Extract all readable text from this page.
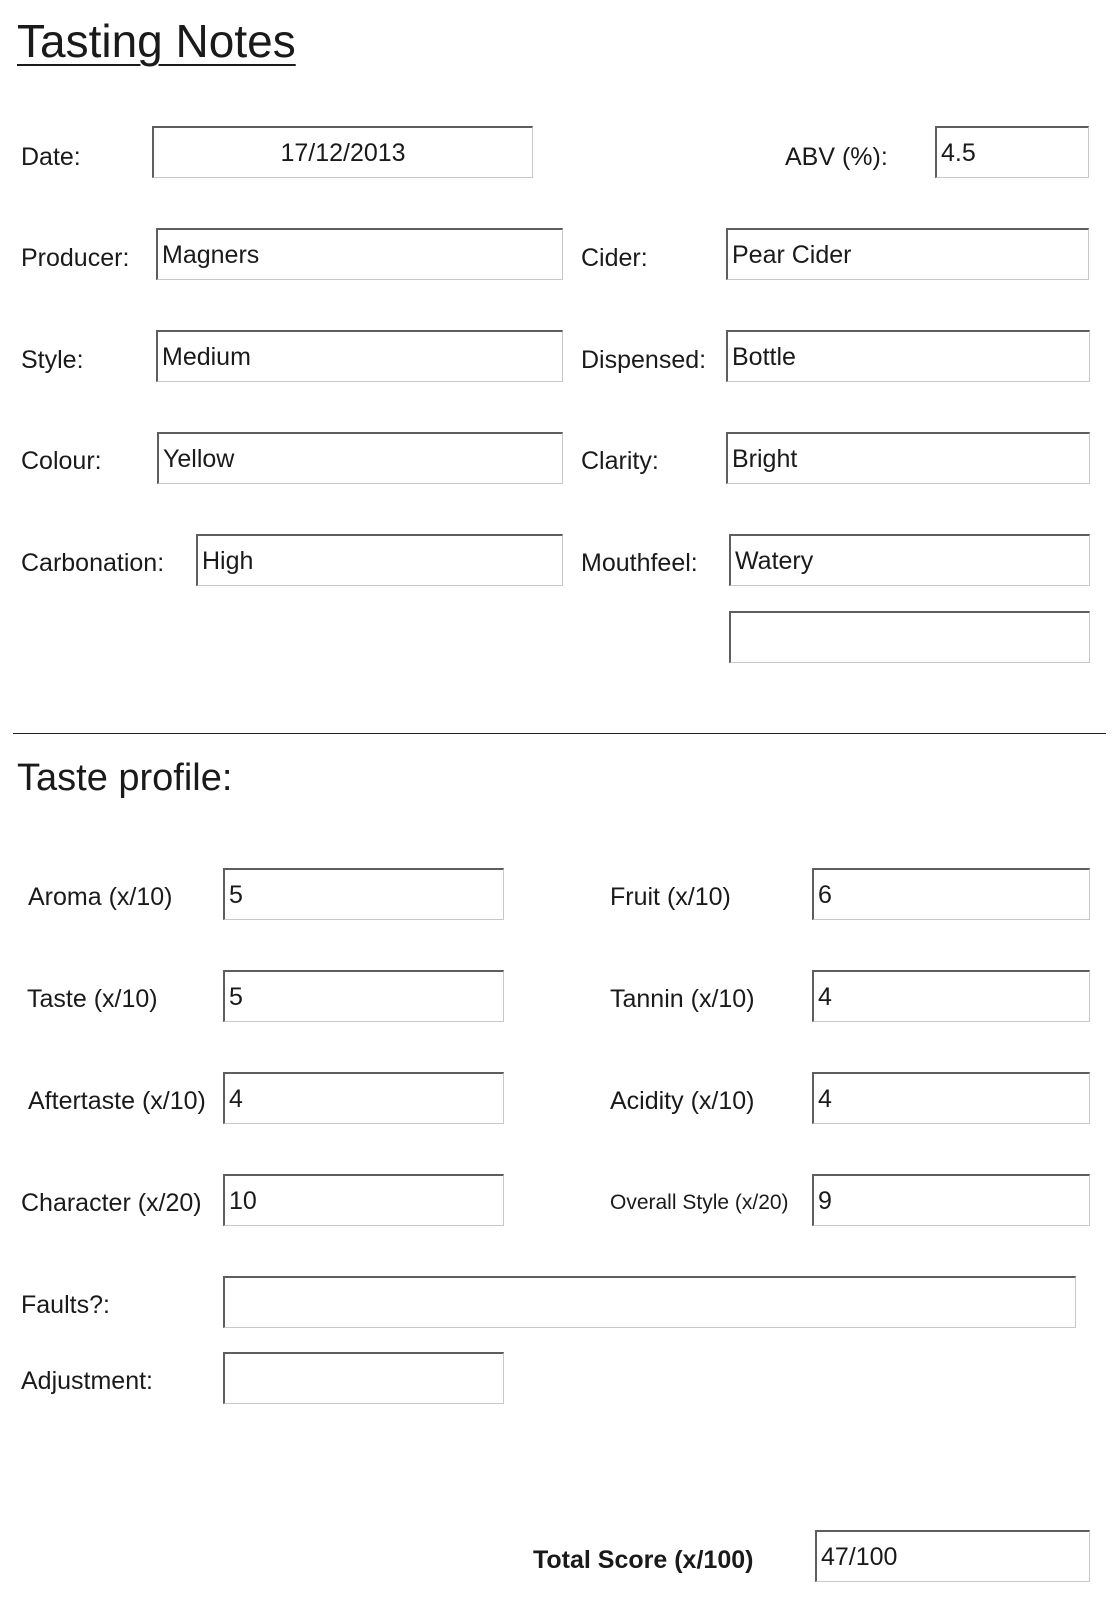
Tasting Notes
Date:	17/12/2013	ABV (%): 4.5
Producer: Magners	Cider:	Pear Cider
Style:	Medium	Dispensed: Bottle
Colour: Yellow	Clarity:	Bright
Carbonation: High	Mouthfeel: Watery
Taste profile:
Aroma (x/10) 5	Fruit (x/10)	6
Taste (x/10)	5	Tannin (x/10)	4
Aftertaste (x/10) 4	Acidity (x/10)	4
Character (x/20) 10	Overall Style (x/20) 9
Faults?:
Adjustment:
Total Score (x/100)	47/100
